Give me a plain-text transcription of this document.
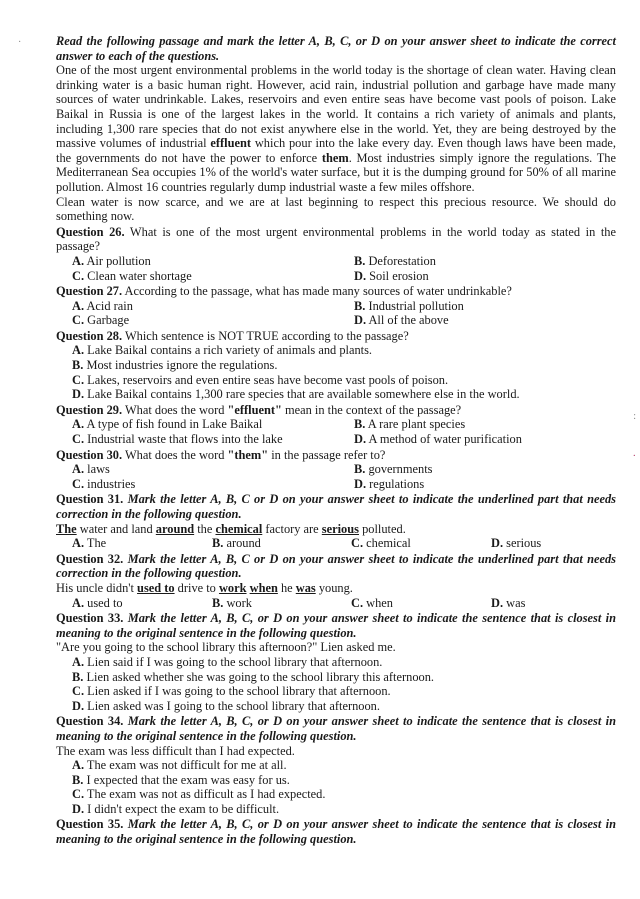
·	Read the following passage and mark the letter A, B, C, or D on your answer sheet to indicate the correct answer to each of the questions.

One of the most urgent environmental problems in the world today is the shortage of clean water. Having clean drinking water is a basic human right. However, acid rain, industrial pollution and garbage have made many sources of water undrinkable. Lakes, reservoirs and even entire seas have become vast pools of poison. Lake Baikal in Russia is one of the largest lakes in the world. It contains a rich variety of animals and plants, including 1,300 rare species that do not exist anywhere else in the world. Yet, they are being destroyed by the massive volumes of industrial effluent which pour into the lake every day. Even though laws have been made, the governments do not have the power to enforce them. Most industries simply ignore the regulations. The Mediterranean Sea occupies 1% of the world's water surface, but it is the dumping ground for 50% of all marine pollution. Almost 16 countries regularly dump industrial waste a few miles offshore.

Clean water is now scarce, and we are at last beginning to respect this precious resource. We should do something now.

Question 26. What is one of the most urgent environmental problems in the world today as stated in the passage?

A. Air pollution	B. Deforestation
C. Clean water shortage	D. Soil erosion

Question 27. According to the passage, what has made many sources of water undrinkable?

A. Acid rain	B. Industrial pollution
C. Garbage	D. All of the above

Question 28. Which sentence is NOT TRUE according to the passage?

A. Lake Baikal contains a rich variety of animals and plants.
B. Most industries ignore the regulations.
C. Lakes, reservoirs and even entire seas have become vast pools of poison.
D. Lake Baikal contains 1,300 rare species that are available somewhere else in the world.

Question 29. What does the word "effluent" mean in the context of the passage?

A. A type of fish found in Lake Baikal	B. A rare plant species
C. Industrial waste that flows into the lake	D. A method of water purification

Question 30. What does the word "them" in the passage refer to?

A. laws	B. governments
C. industries	D. regulations

Question 31. Mark the letter A, B, C or D on your answer sheet to indicate the underlined part that needs correction in the following question.

The water and land around the chemical factory are serious polluted.

A. The	B. around	C. chemical	D. serious

Question 32. Mark the letter A, B, C or D on your answer sheet to indicate the underlined part that needs correction in the following question.

His uncle didn't used to drive to work when he was young.

A. used to	B. work	C. when	D. was

Question 33. Mark the letter A, B, C, or D on your answer sheet to indicate the sentence that is closest in meaning to the original sentence in the following question.

"Are you going to the school library this afternoon?" Lien asked me.

A. Lien said if I was going to the school library that afternoon.
B. Lien asked whether she was going to the school library this afternoon.
C. Lien asked if I was going to the school library that afternoon.
D. Lien asked was I going to the school library that afternoon.

Question 34. Mark the letter A, B, C, or D on your answer sheet to indicate the sentence that is closest in meaning to the original sentence in the following question.

The exam was less difficult than I had expected.

A. The exam was not difficult for me at all.
B. I expected that the exam was easy for us.
C. The exam was not as difficult as I had expected.
D. I didn't expect the exam to be difficult.

Question 35. Mark the letter A, B, C, or D on your answer sheet to indicate the sentence that is closest in meaning to the original sentence in the following question.

:
·
